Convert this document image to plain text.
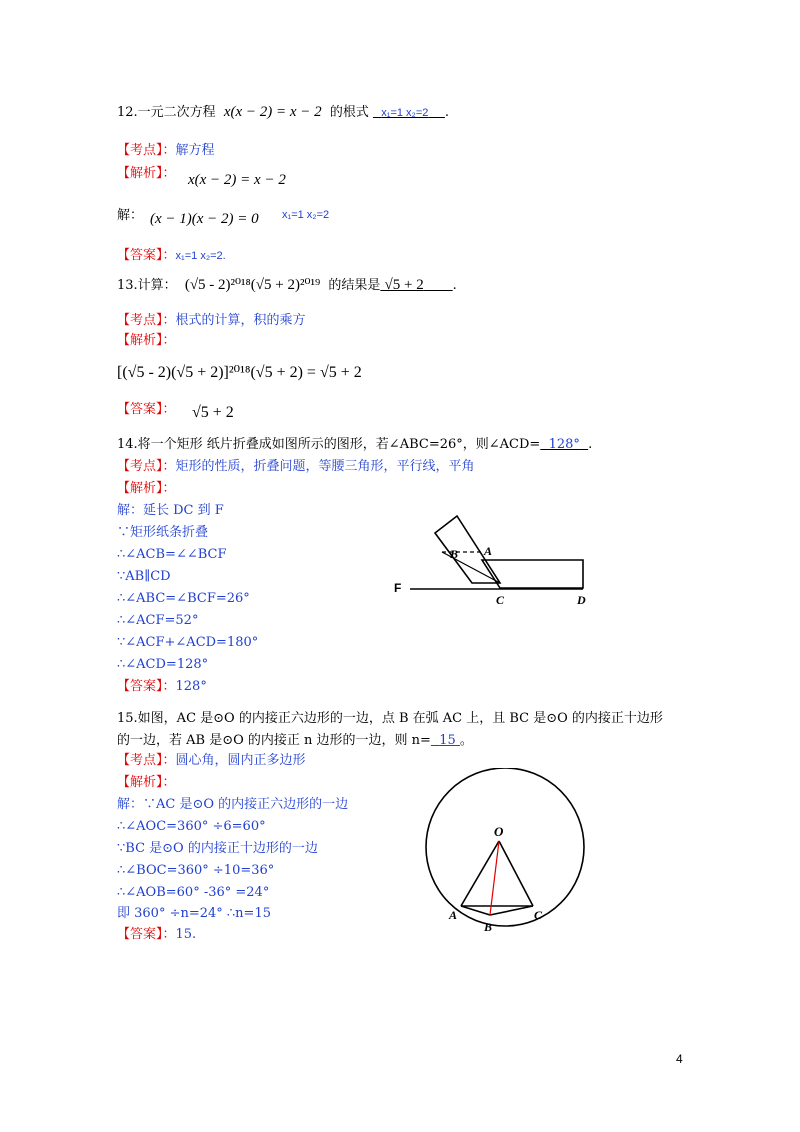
12.一元二次方程 x(x − 2) = x − 2 的根式 x₁=1 x₂=2 .
【考点】：解方程
【解析】： x(x − 2) = x − 2
解： (x − 1)(x − 2) = 0 x₁=1 x₂=2
【答案】：x₁=1 x₂=2.
13.计算： (√5 - 2)²⁰¹⁸(√5 + 2)²⁰¹⁹ 的结果是 √5 + 2 .
【考点】：根式的计算，积的乘方
【解析】：
[(√5 - 2)(√5 + 2)]²⁰¹⁸(√5 + 2) = √5 + 2
【答案】： √5 + 2
14.将一个矩形 纸片折叠成如图所示的图形，若∠ABC=26°，则∠ACD= 128° .
【考点】：矩形的性质，折叠问题，等腰三角形，平行线，平角
【解析】：
解：延长 DC 到 F
∵矩形纸条折叠
∴∠ACB=∠∠BCF
∵AB∥CD
∴∠ABC=∠BCF=26°
∴∠ACF=52°
∵∠ACF+∠ACD=180°
∴∠ACD=128°
【答案】：128°
B A
F
C	D
15.如图，AC 是⊙O 的内接正六边形的一边，点 B 在弧 AC 上，且 BC 是⊙O 的内接正十边形
的一边，若 AB 是⊙O 的内接正 n 边形的一边，则 n= 15 。
【考点】：圆心角，圆内正多边形
【解析】：
解：∵AC 是⊙O 的内接正六边形的一边
∴∠AOC=360° ÷6=60°
∵BC 是⊙O 的内接正十边形的一边
∴∠BOC=360° ÷10=36°
∴∠AOB=60° -36° =24°
即 360° ÷n=24° ∴n=15
【答案】：15.
O
A
B
C
4
